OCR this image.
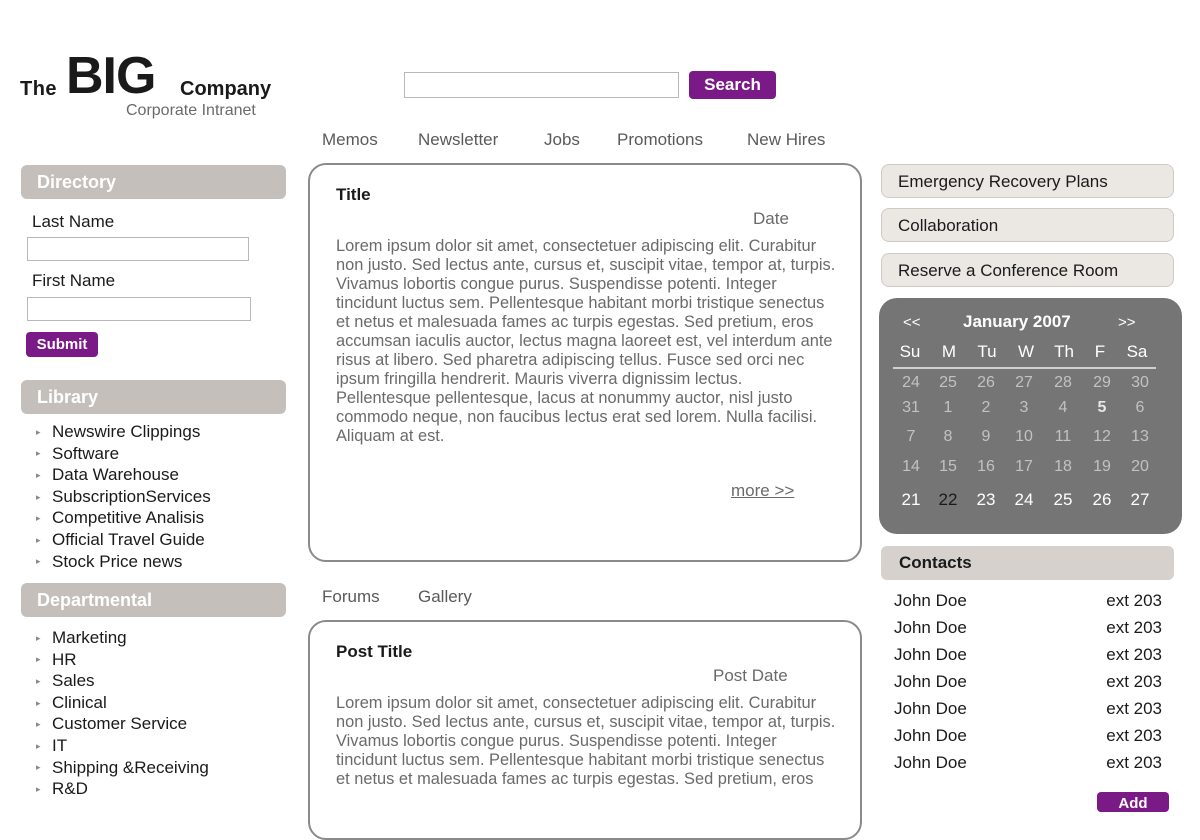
The BIG Company
Corporate Intranet
Search
Memos Newsletter	Jobs Promotions	New Hires
Directory
Last Name
First Name
Submit
Library
▸ Newswire Clippings
▸ Software
▸ Data Warehouse
▸ SubscriptionServices
▸ Competitive Analisis
▸ Official Travel Guide
▸ Stock Price news
Departmental
▸ Marketing
▸ HR
▸ Sales
▸ Clinical
▸ Customer Service
▸ IT
▸ Shipping &Receiving
▸ R&D
Title
Date
Lorem ipsum dolor sit amet, consectetuer adipiscing elit. Curabitur non justo. Sed lectus ante, cursus et, suscipit vitae, tempor at, turpis. Vivamus lobortis congue purus. Suspendisse potenti. Integer tincidunt luctus sem. Pellentesque habitant morbi tristique senectus et netus et malesuada fames ac turpis egestas. Sed pretium, eros accumsan iaculis auctor, lectus magna laoreet est, vel interdum ante risus at libero. Sed pharetra adipiscing tellus. Fusce sed orci nec ipsum fringilla hendrerit. Mauris viverra dignissim lectus. Pellentesque pellentesque, lacus at nonummy auctor, nisl justo commodo neque, non faucibus lectus erat sed lorem. Nulla facilisi. Aliquam at est.
more >>
Forums Gallery
Post Title
Post Date
Lorem ipsum dolor sit amet, consectetuer adipiscing elit. Curabitur non justo. Sed lectus ante, cursus et, suscipit vitae, tempor at, turpis. Vivamus lobortis congue purus. Suspendisse potenti. Integer tincidunt luctus sem. Pellentesque habitant morbi tristique senectus et netus et malesuada fames ac turpis egestas. Sed pretium, eros
Emergency Recovery Plans
Collaboration
Reserve a Conference Room
<< January 2007	>>
Su	M	Tu	W	Th	F	Sa
24	25	26	27	28	29	30
31	1	2	3	4	5	6
7	8	9	10	11	12	13
14	15	16	17	18	19	20
21	22	23	24	25	26	27
Contacts
John Doe	ext 203
John Doe	ext 203
John Doe	ext 203
John Doe	ext 203
John Doe	ext 203
John Doe	ext 203
John Doe	ext 203
Add
